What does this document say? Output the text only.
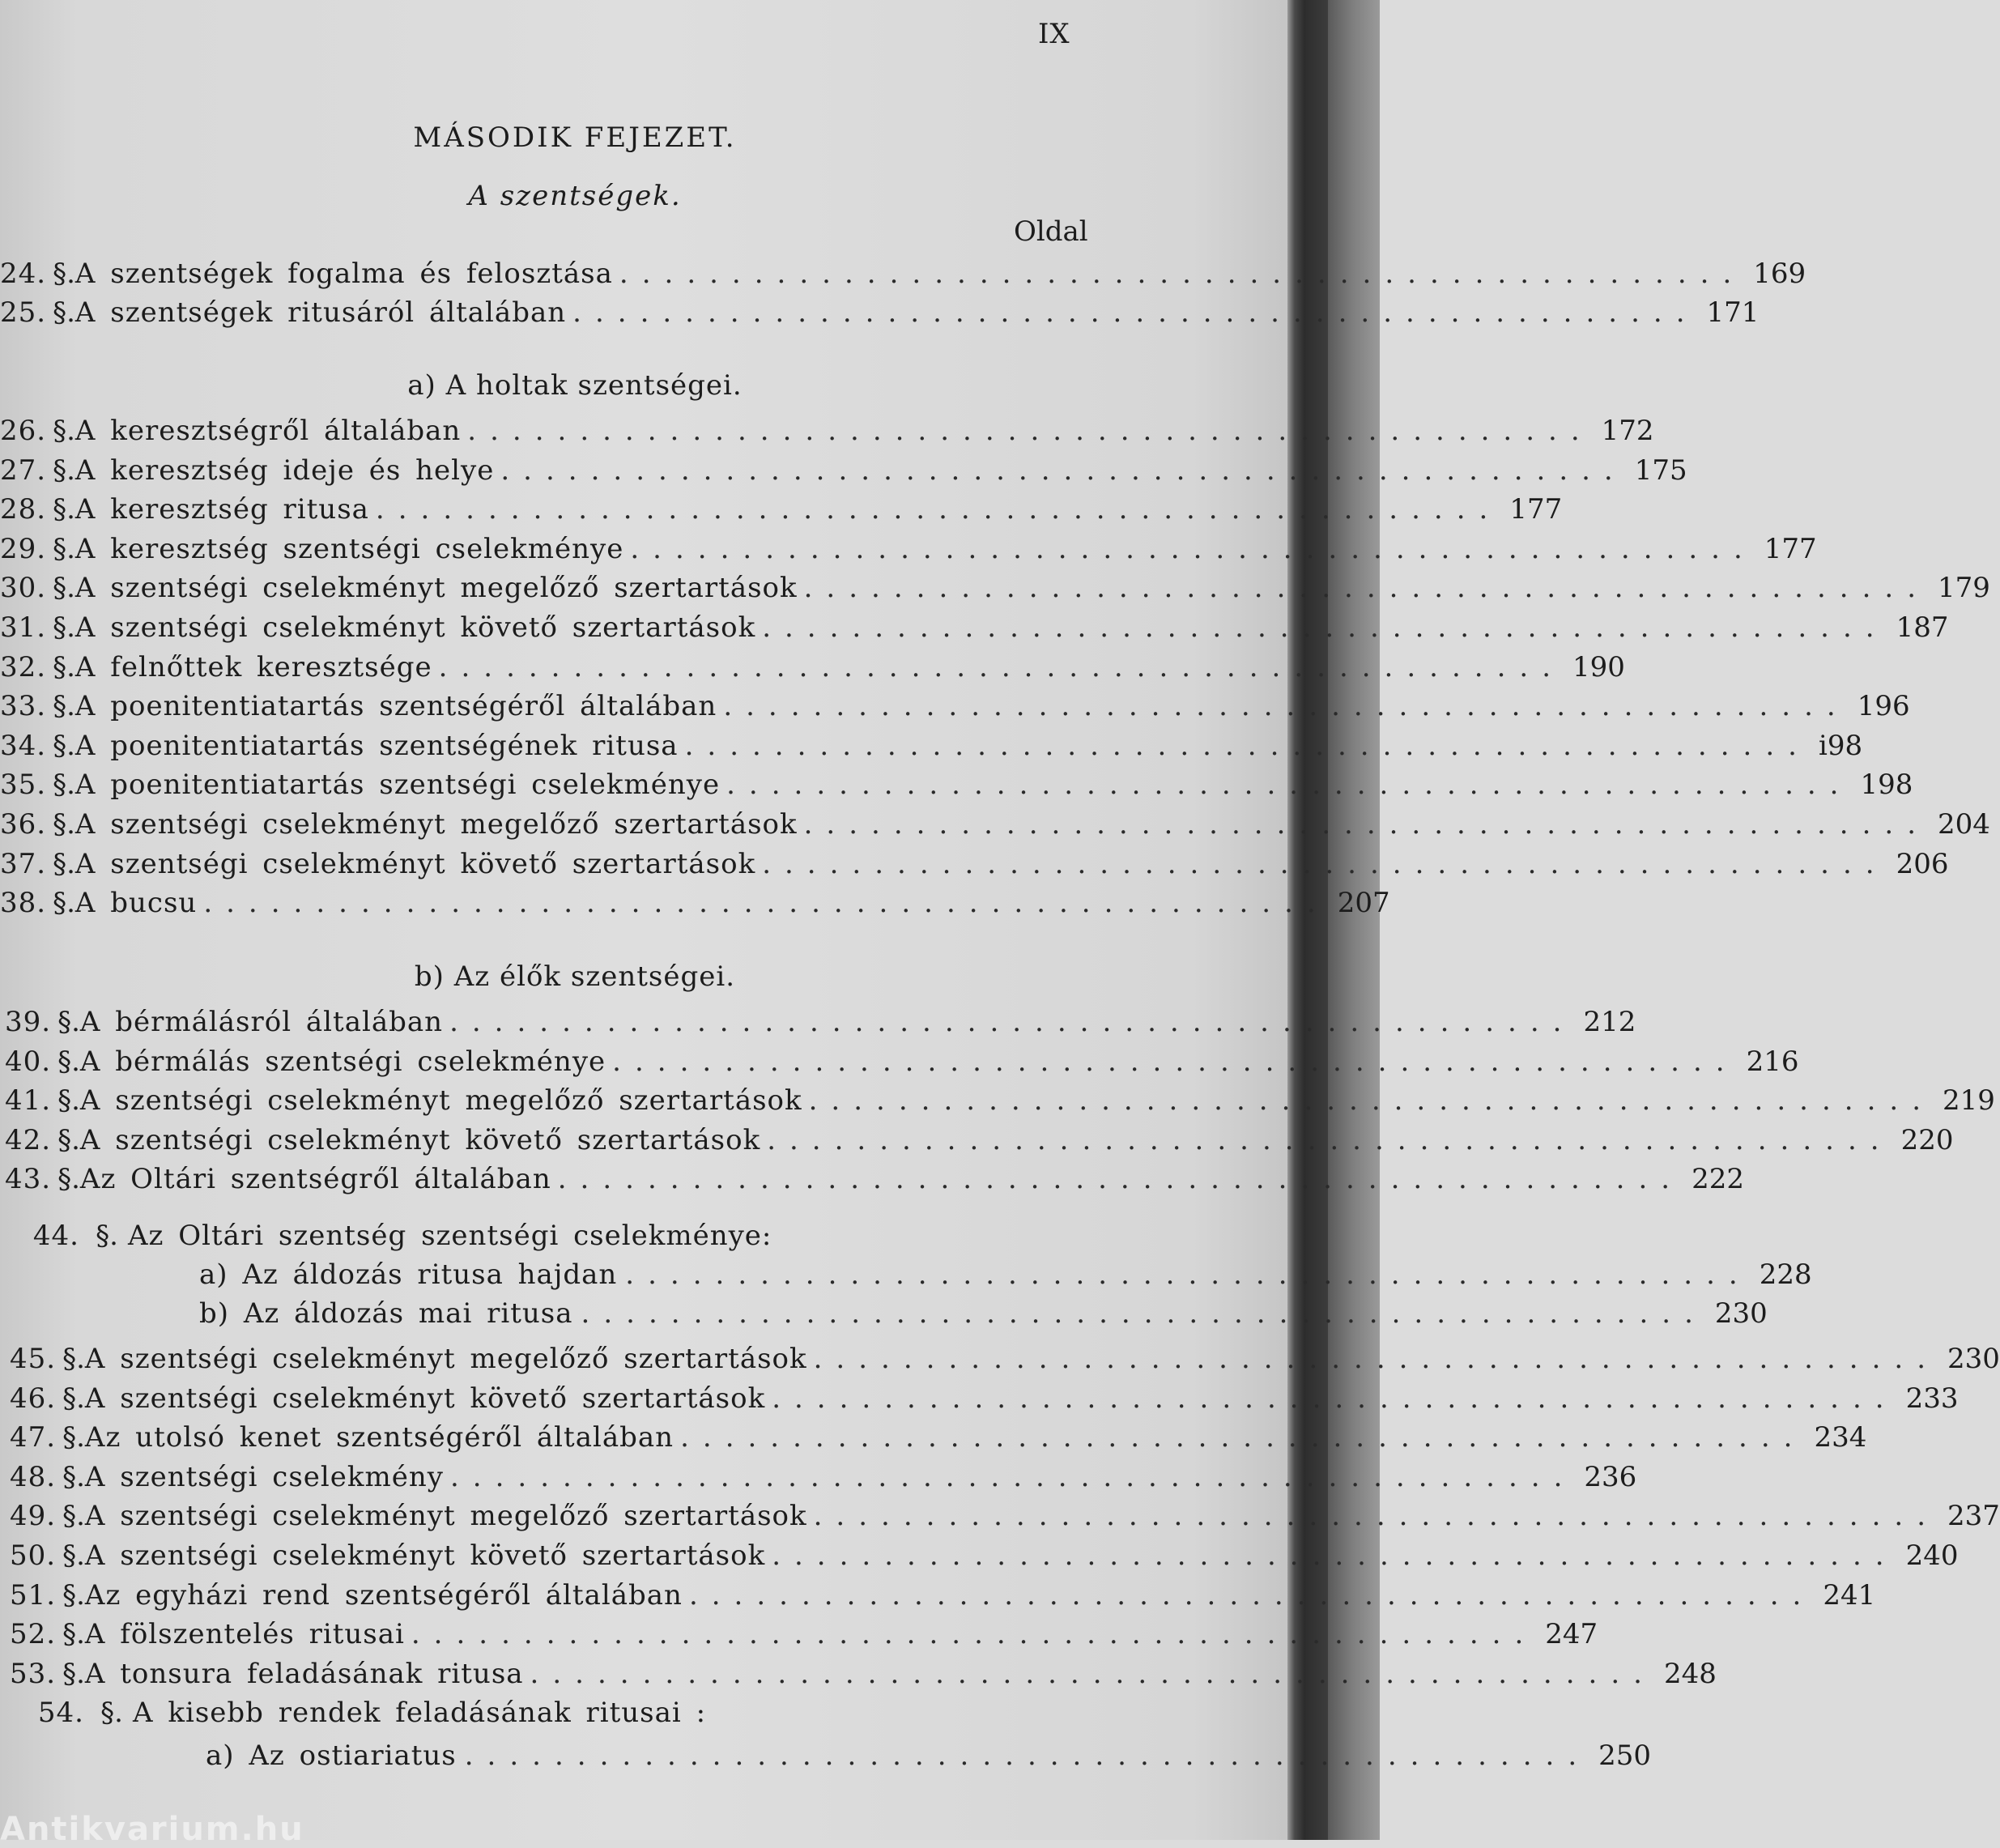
IX
MÁSODIK FEJEZET.
A szentségek.
Oldal
24. §. A szentségek fogalma és felosztása .................................................. 169
25. §. A szentségek ritusáról általában .................................................. 171
a) A holtak szentségei.
26. §. A keresztségről általában .................................................. 172
27. §. A keresztség ideje és helye .................................................. 175
28. §. A keresztség ritusa .................................................. 177
29. §. A keresztség szentségi cselekménye .................................................. 177
30. §. A szentségi cselekményt megelőző szertartások .................................................. 179
31. §. A szentségi cselekményt követő szertartások .................................................. 187
32. §. A felnőttek keresztsége .................................................. 190
33. §. A poenitentiatartás szentségéről általában .................................................. 196
34. §. A poenitentiatartás szentségének ritusa .................................................. i98
35. §. A poenitentiatartás szentségi cselekménye .................................................. 198
36. §. A szentségi cselekményt megelőző szertartások .................................................. 204
37. §. A szentségi cselekményt követő szertartások .................................................. 206
38. §. A bucsu .................................................. 207
b) Az élők szentségei.
39. §. A bérmálásról általában .................................................. 212
40. §. A bérmálás szentségi cselekménye .................................................. 216
41. §. A szentségi cselekményt megelőző szertartások .................................................. 219
42. §. A szentségi cselekményt követő szertartások .................................................. 220
43. §. Az Oltári szentségről általában .................................................. 222
44. §. Az Oltári szentség szentségi cselekménye:
a) Az áldozás ritusa hajdan .................................................. 228
b) Az áldozás mai ritusa .................................................. 230
45. §. A szentségi cselekményt megelőző szertartások .................................................. 230
46. §. A szentségi cselekményt követő szertartások .................................................. 233
47. §. Az utolsó kenet szentségéről általában .................................................. 234
48. §. A szentségi cselekmény .................................................. 236
49. §. A szentségi cselekményt megelőző szertartások .................................................. 237
50. §. A szentségi cselekményt követő szertartások .................................................. 240
51. §. Az egyházi rend szentségéről általában .................................................. 241
52. §. A fölszentelés ritusai .................................................. 247
53. §. A tonsura feladásának ritusa .................................................. 248
54. §. A kisebb rendek feladásának ritusai :
a) Az ostiariatus .................................................. 250
Antikvarium.hu
